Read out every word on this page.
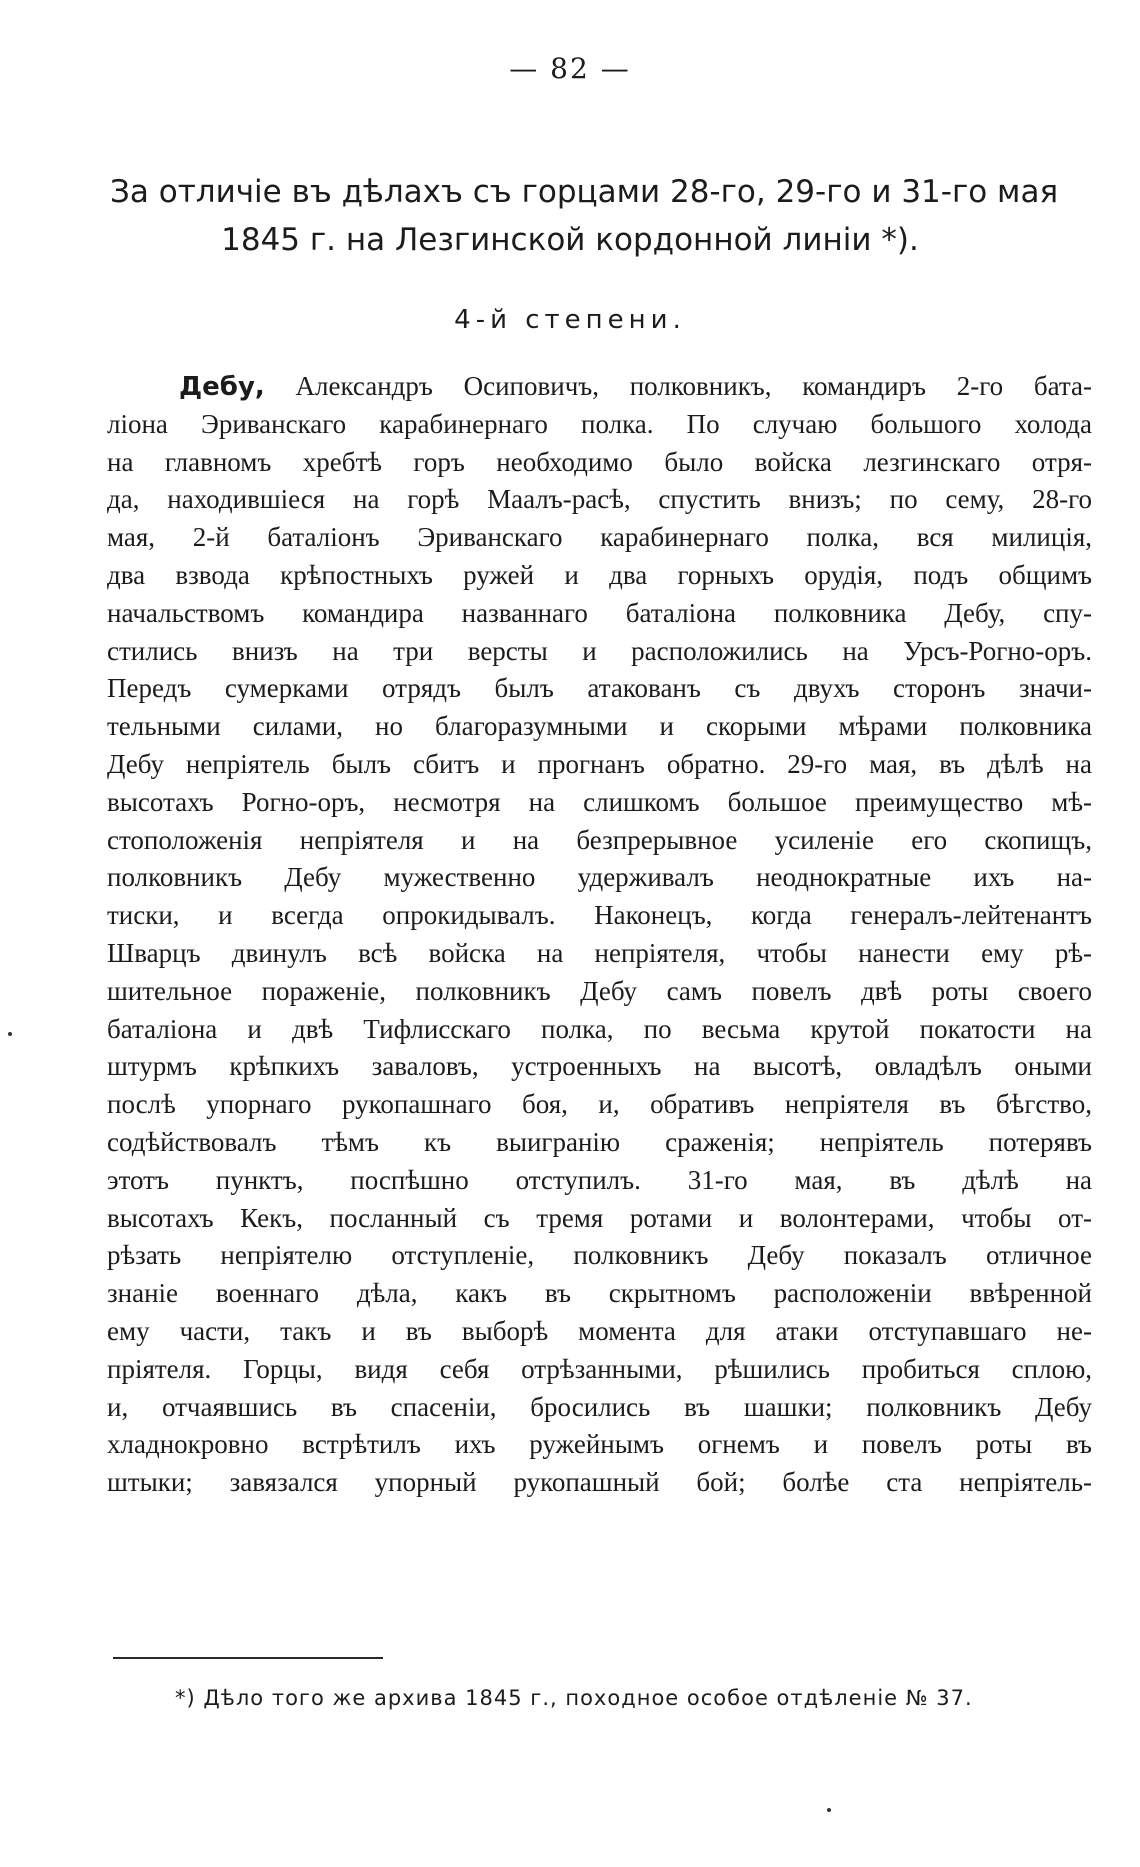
— 82 —
За отличіе въ дѣлахъ съ горцами 28-го, 29-го и 31-го мая
1845 г. на Лезгинской кордонной линіи *).
4-й степени.
Дебу, Александръ Осиповичъ, полковникъ, командиръ 2-го бата-
ліона Эриванскаго карабинернаго полка. По случаю большого холода
на главномъ хребтѣ горъ необходимо было войска лезгинскаго отря-
да, находившіеся на горѣ Маалъ-расѣ, спустить внизъ; по сему, 28-го
мая, 2-й баталіонъ Эриванскаго карабинернаго полка, вся милиція,
два взвода крѣпостныхъ ружей и два горныхъ орудія, подъ общимъ
начальствомъ командира названнаго баталіона полковника Дебу, спу-
стились внизъ на три версты и расположились на Урсъ-Рогно-оръ.
Передъ сумерками отрядъ былъ атакованъ съ двухъ сторонъ значи-
тельными силами, но благоразумными и скорыми мѣрами полковника
Дебу непріятель былъ сбитъ и прогнанъ обратно. 29-го мая, въ дѣлѣ на
высотахъ Рогно-оръ, несмотря на слишкомъ большое преимущество мѣ-
стоположенія непріятеля и на безпрерывное усиленіе его скопищъ,
полковникъ Дебу мужественно удерживалъ неоднократные ихъ на-
тиски, и всегда опрокидывалъ. Наконецъ, когда генералъ-лейтенантъ
Шварцъ двинулъ всѣ войска на непріятеля, чтобы нанести ему рѣ-
шительное пораженіе, полковникъ Дебу самъ повелъ двѣ роты своего
баталіона и двѣ Тифлисскаго полка, по весьма крутой покатости на
штурмъ крѣпкихъ заваловъ, устроенныхъ на высотѣ, овладѣлъ оными
послѣ упорнаго рукопашнаго боя, и, обративъ непріятеля въ бѣгство,
содѣйствовалъ тѣмъ къ выигранію сраженія; непріятель потерявъ
этотъ пунктъ, поспѣшно отступилъ. 31-го мая, въ дѣлѣ на
высотахъ Кекъ, посланный съ тремя ротами и волонтерами, чтобы от-
рѣзать непріятелю отступленіе, полковникъ Дебу показалъ отличное
знаніе военнаго дѣла, какъ въ скрытномъ расположеніи ввѣренной
ему части, такъ и въ выборѣ момента для атаки отступавшаго не-
пріятеля. Горцы, видя себя отрѣзанными, рѣшились пробиться сплою,
и, отчаявшись въ спасеніи, бросились въ шашки; полковникъ Дебу
хладнокровно встрѣтилъ ихъ ружейнымъ огнемъ и повелъ роты въ
штыки; завязался упорный рукопашный бой; болѣе ста непріятель-
*) Дѣло того же архива 1845 г., походное особое отдѣленіе № 37.
